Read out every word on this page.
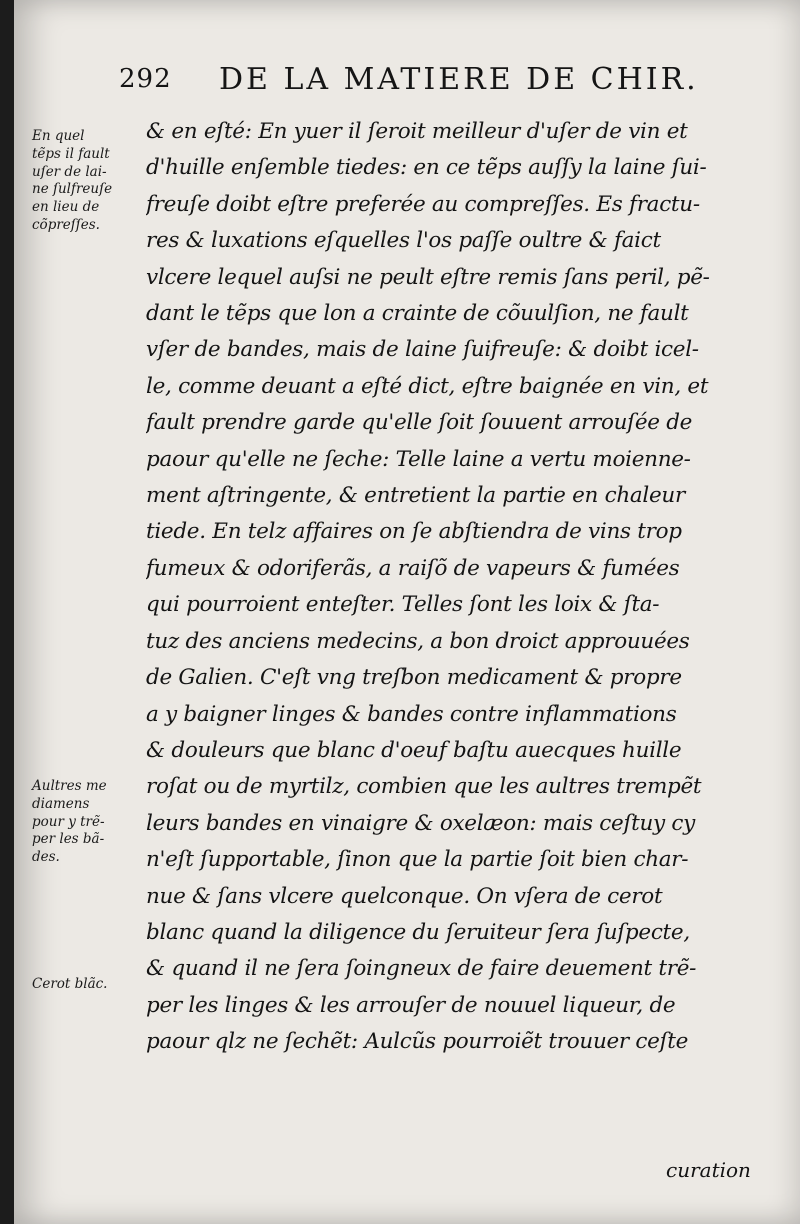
292 DE LA MATIERE DE CHIR.
En quel
tẽps il fault
uſer de lai-
ne ſulfreuſe
en lieu de
cõpreſſes.
Aultres me
diamens
pour y trẽ-
per les bã-
des.
Cerot blãc.
& en eſté: En yuer il ſeroit meilleur d'uſer de vin et
d'huille enſemble tiedes: en ce tẽps auſſy la laine ſui-
freuſe doibt eſtre preferée au compreſſes. Es fractu-
res & luxations eſquelles l'os paſſe oultre & faict
vlcere lequel auſsi ne peult eſtre remis ſans peril, pẽ-
dant le tẽps que lon a crainte de cõuulſion, ne fault
vſer de bandes, mais de laine ſuifreuſe: & doibt icel-
le, comme deuant a eſté dict, eſtre baignée en vin, et
fault prendre garde qu'elle ſoit ſouuent arrouſée de
paour qu'elle ne ſeche: Telle laine a vertu moienne-
ment aſtringente, & entretient la partie en chaleur
tiede. En telz affaires on ſe abſtiendra de vins trop
fumeux & odoriferãs, a raiſõ de vapeurs & fumées
qui pourroient enteſter. Telles ſont les loix & ſta-
tuz des anciens medecins, a bon droict approuuées
de Galien. C'eſt vng treſbon medicament & propre
a y baigner linges & bandes contre inflammations
& douleurs que blanc d'oeuf baſtu auecques huille
roſat ou de myrtilz, combien que les aultres trempẽt
leurs bandes en vinaigre & oxelæon: mais ceſtuy cy
n'eſt ſupportable, ſinon que la partie ſoit bien char-
nue & ſans vlcere quelconque. On vſera de cerot
blanc quand la diligence du ſeruiteur ſera ſuſpecte,
& quand il ne ſera ſoingneux de faire deuement trẽ-
per les linges & les arrouſer de nouuel liqueur, de
paour qlz ne ſechẽt: Aulcũs pourroiẽt trouuer ceſte
curation
